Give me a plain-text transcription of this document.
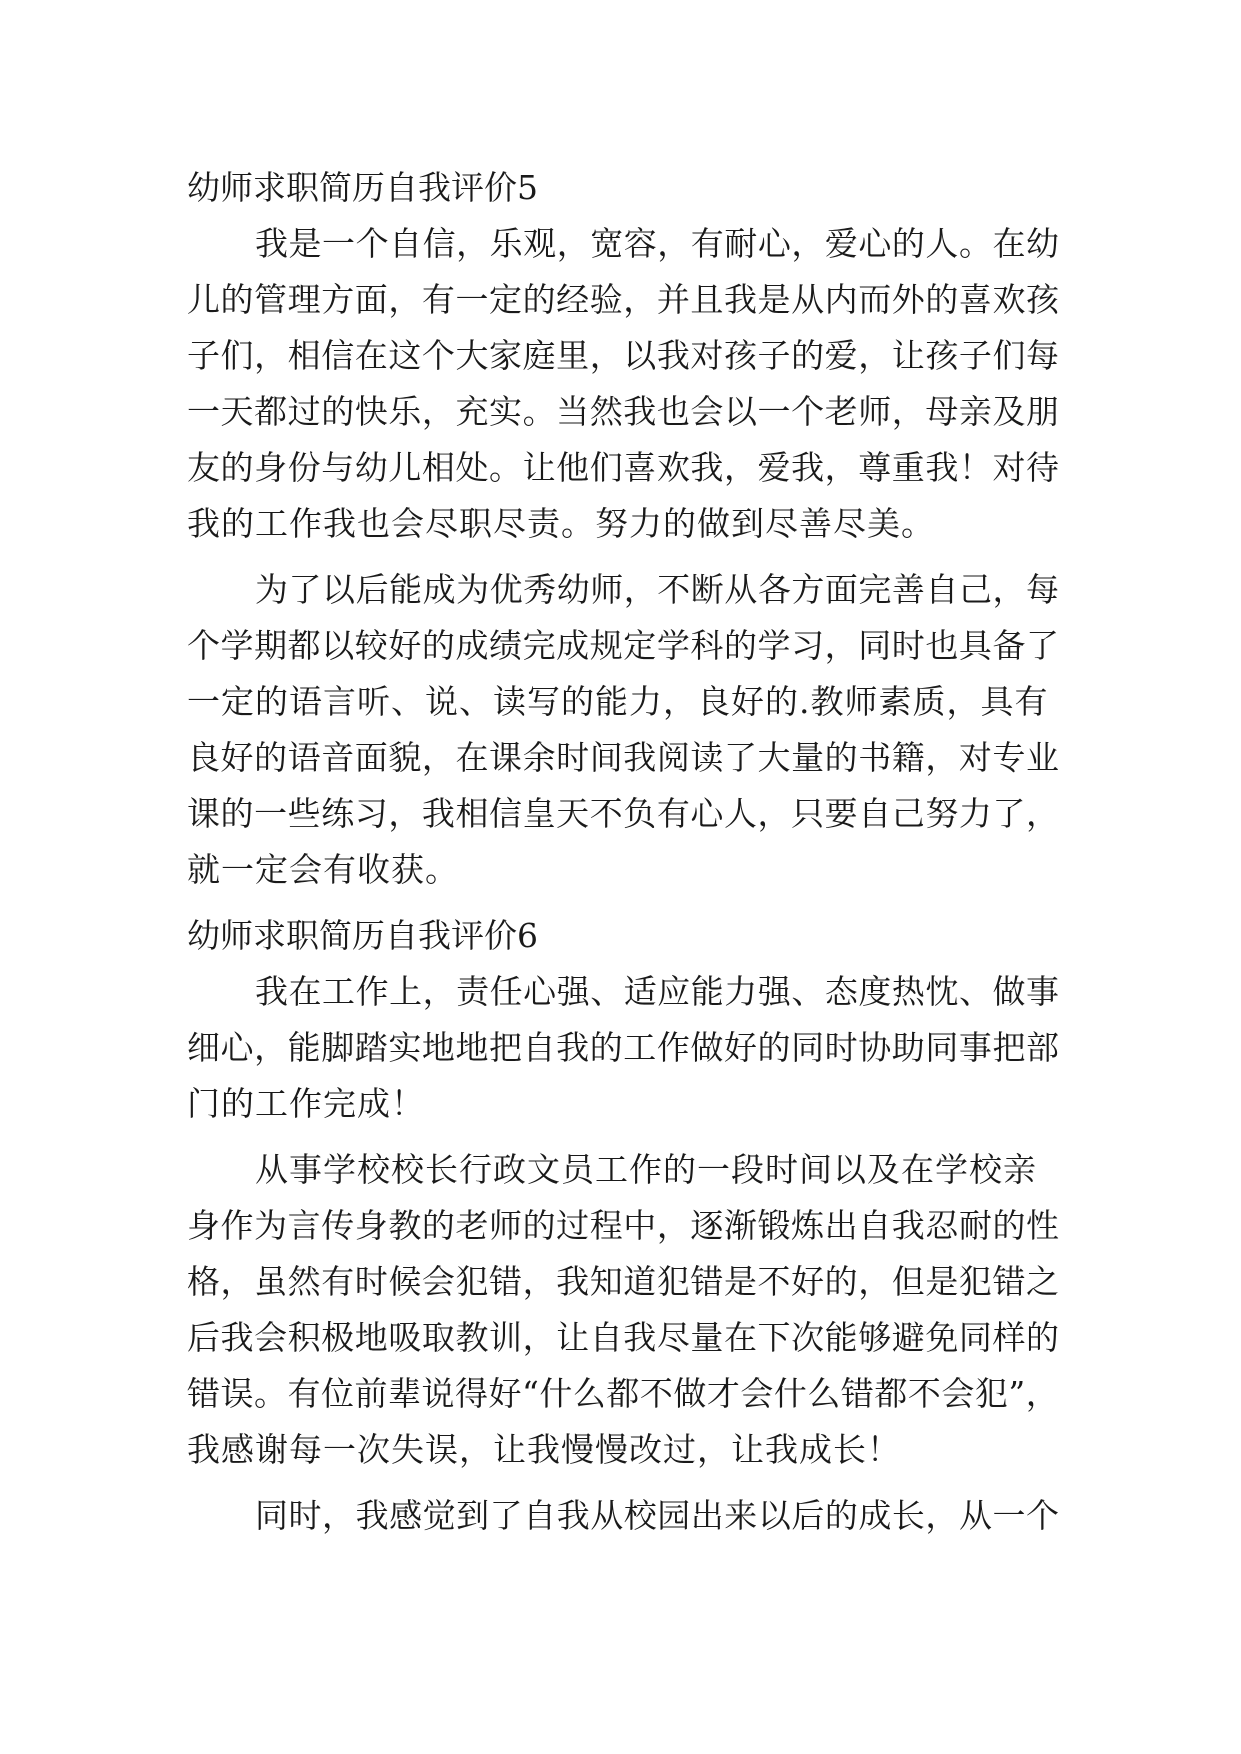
幼师求职简历自我评价5
我是一个自信，乐观，宽容，有耐心，爱心的人。在幼
儿的管理方面，有一定的经验，并且我是从内而外的喜欢孩
子们，相信在这个大家庭里，以我对孩子的爱，让孩子们每
一天都过的快乐，充实。当然我也会以一个老师，母亲及朋
友的身份与幼儿相处。让他们喜欢我，爱我，尊重我！对待
我的工作我也会尽职尽责。努力的做到尽善尽美。
为了以后能成为优秀幼师，不断从各方面完善自己，每
个学期都以较好的成绩完成规定学科的学习，同时也具备了
一定的语言听、说、读写的能力，良好的.教师素质，具有
良好的语音面貌，在课余时间我阅读了大量的书籍，对专业
课的一些练习，我相信皇天不负有心人，只要自己努力了，
就一定会有收获。
幼师求职简历自我评价6
我在工作上，责任心强、适应能力强、态度热忱、做事
细心，能脚踏实地地把自我的工作做好的同时协助同事把部
门的工作完成！
从事学校校长行政文员工作的一段时间以及在学校亲
身作为言传身教的老师的过程中，逐渐锻炼出自我忍耐的性
格，虽然有时候会犯错，我知道犯错是不好的，但是犯错之
后我会积极地吸取教训，让自我尽量在下次能够避免同样的
错误。有位前辈说得好“什么都不做才会什么错都不会犯”，
我感谢每一次失误，让我慢慢改过，让我成长！
同时，我感觉到了自我从校园出来以后的成长，从一个
